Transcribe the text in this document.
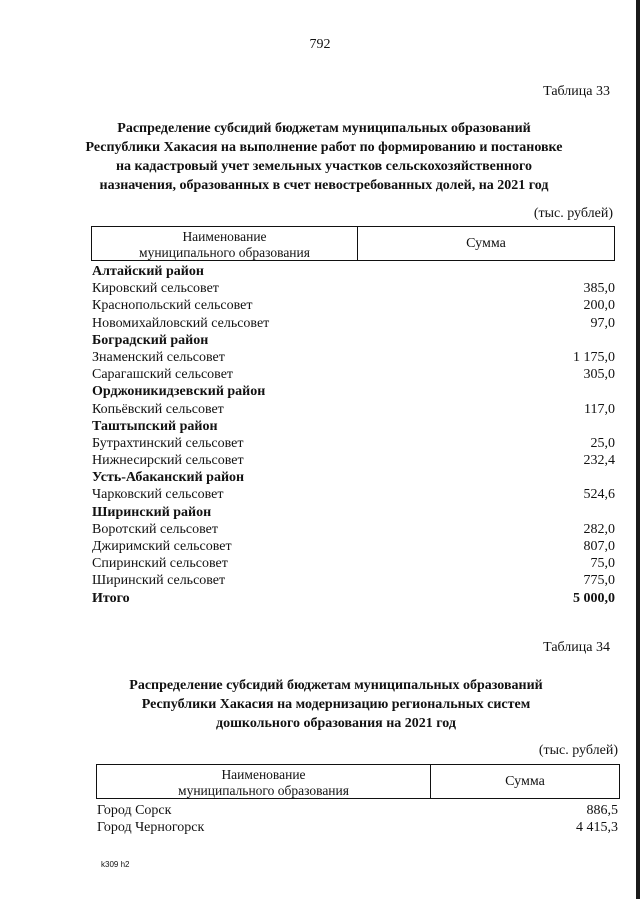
792
Таблица 33
Распределение субсидий бюджетам муниципальных образований
Республики Хакасия на выполнение работ по формированию и постановке
на кадастровый учет земельных участков сельскохозяйственного
назначения, образованных в счет невостребованных долей, на 2021 год
(тыс. рублей)
Наименование
муниципального образования
Сумма
Алтайский район
Кировский сельсовет	385,0
Краснопольский сельсовет	200,0
Новомихайловский сельсовет	97,0
Боградский район
Знаменский сельсовет	1 175,0
Сарагашский сельсовет	305,0
Орджоникидзевский район
Копьёвский сельсовет	117,0
Таштыпский район
Бутрахтинский сельсовет	25,0
Нижнесирский сельсовет	232,4
Усть-Абаканский район
Чарковский сельсовет	524,6
Ширинский район
Воротский сельсовет	282,0
Джиримский сельсовет	807,0
Спиринский сельсовет	75,0
Ширинский сельсовет	775,0
Итого	5 000,0
Таблица 34
Распределение субсидий бюджетам муниципальных образований
Республики Хакасия на модернизацию региональных систем
дошкольного образования на 2021 год
(тыс. рублей)
Наименование
муниципального образования
Сумма
Город Сорск	886,5
Город Черногорск	4 415,3
k309 h2
